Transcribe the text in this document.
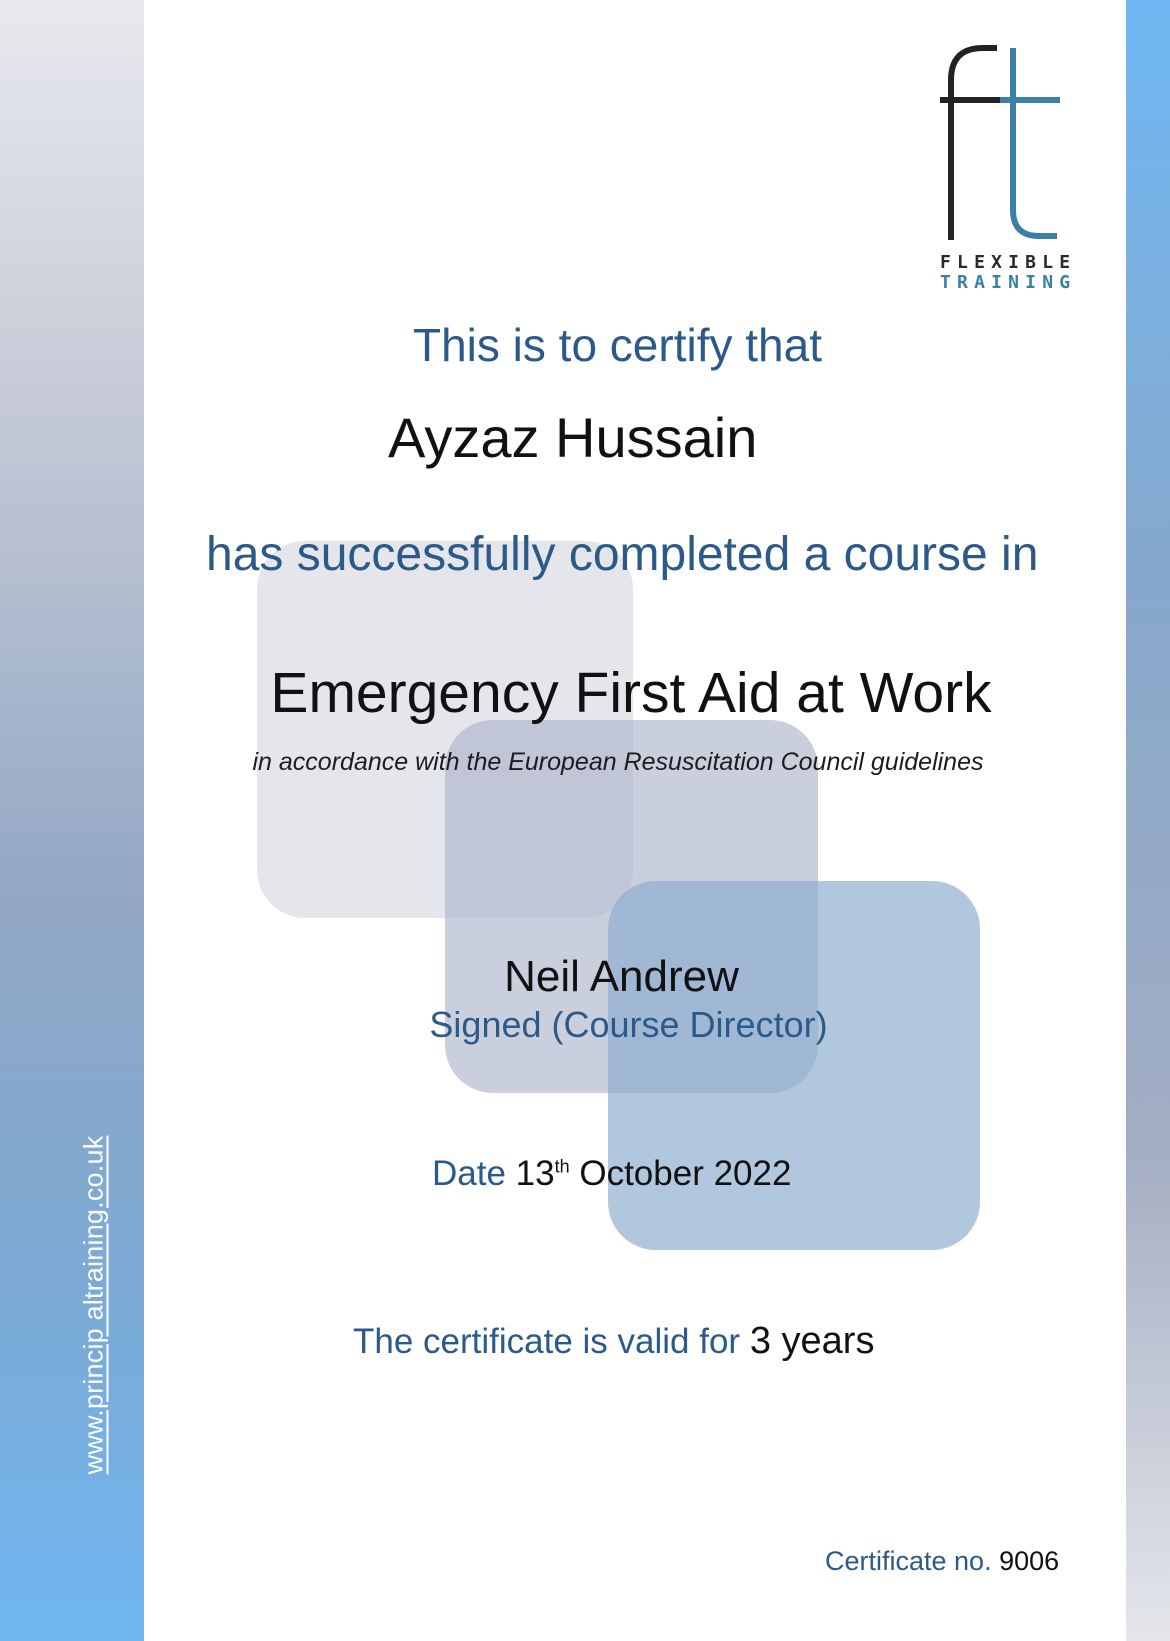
www.princip altraining.co.uk
FLEXIBLE
TRAINING
This is to certify that
Ayzaz Hussain
has successfully completed a course in
Emergency First Aid at Work
in accordance with the European Resuscitation Council guidelines
Neil Andrew
Signed (Course Director)
Date 13th October 2022
The certificate is valid for 3 years
Certificate no. 9006
